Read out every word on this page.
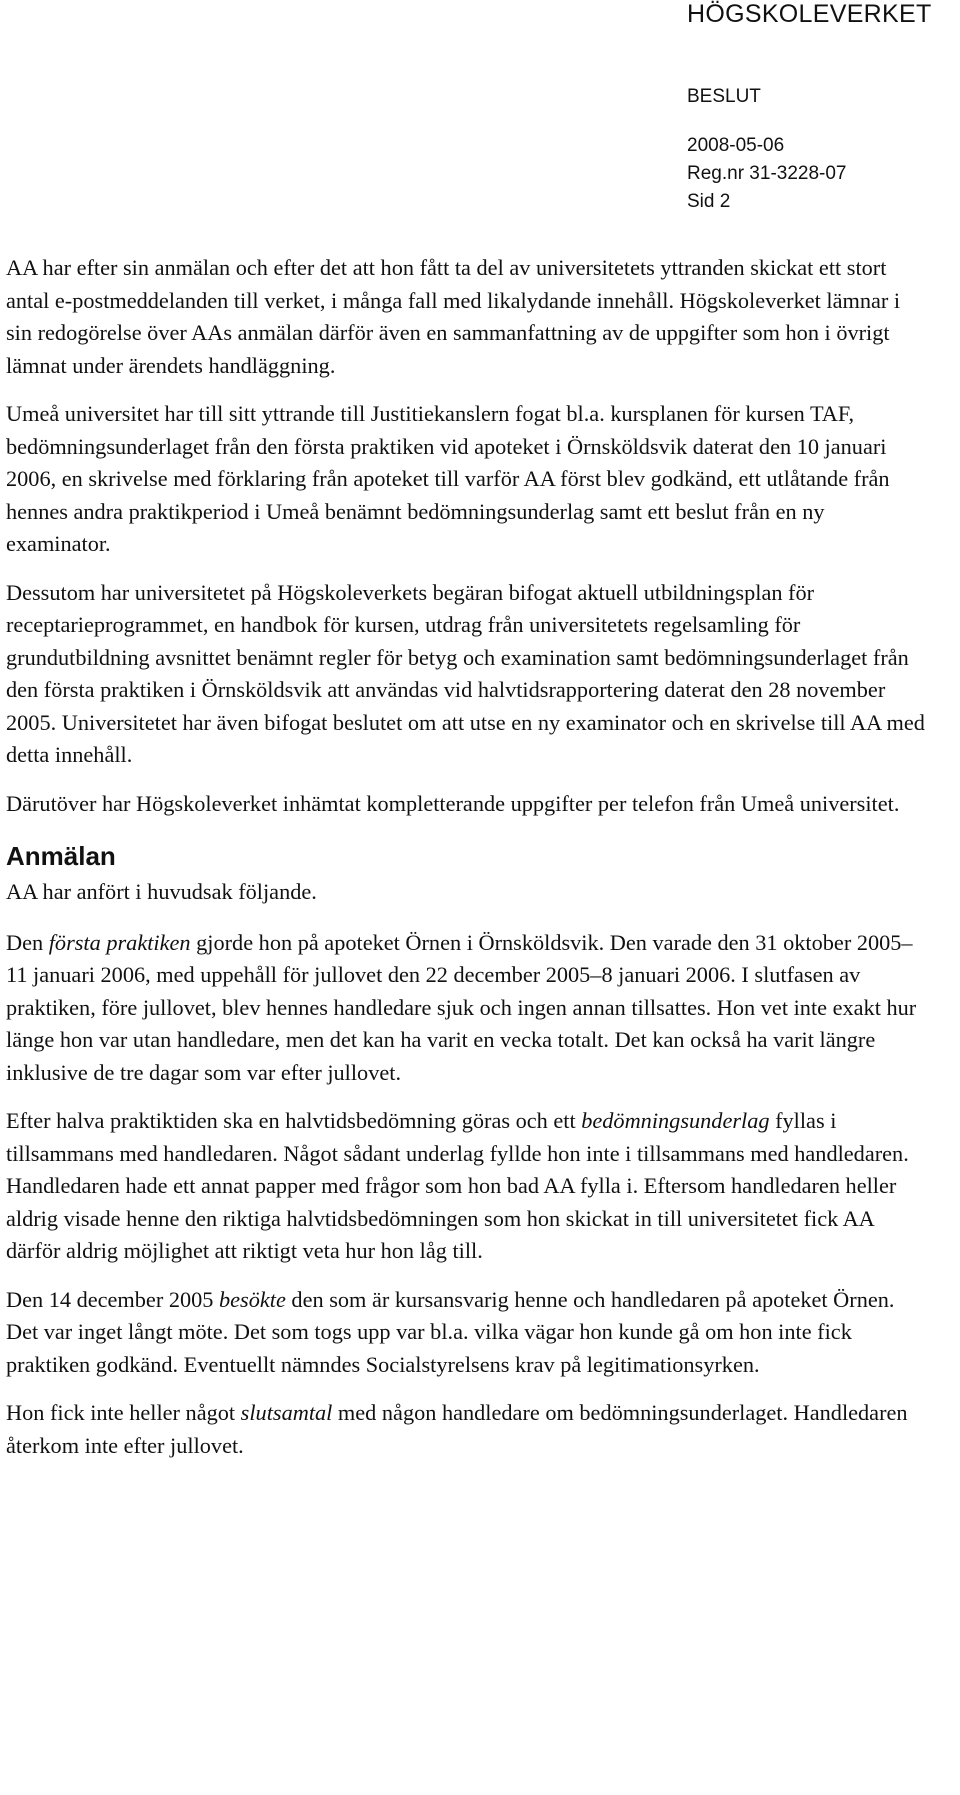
HÖGSKOLEVERKET
BESLUT
2008-05-06
Reg.nr 31-3228-07
Sid 2

AA har efter sin anmälan och efter det att hon fått ta del av universitetets yttranden skickat ett stort antal e-postmeddelanden till verket, i många fall med likalydande innehåll. Högskoleverket lämnar i sin redogörelse över AAs anmälan därför även en sammanfattning av de uppgifter som hon i övrigt lämnat under ärendets handläggning.

Umeå universitet har till sitt yttrande till Justitiekanslern fogat bl.a. kursplanen för kursen TAF, bedömningsunderlaget från den första praktiken vid apoteket i Örnsköldsvik daterat den 10 januari 2006, en skrivelse med förklaring från apoteket till varför AA först blev godkänd, ett utlåtande från hennes andra praktikperiod i Umeå benämnt bedömningsunderlag samt ett beslut från en ny examinator.

Dessutom har universitetet på Högskoleverkets begäran bifogat aktuell utbildningsplan för receptarieprogrammet, en handbok för kursen, utdrag från universitetets regelsamling för grundutbildning avsnittet benämnt regler för betyg och examination samt bedömningsunderlaget från den första praktiken i Örnsköldsvik att användas vid halvtidsrapportering daterat den 28 november 2005. Universitetet har även bifogat beslutet om att utse en ny examinator och en skrivelse till AA med detta innehåll.

Därutöver har Högskoleverket inhämtat kompletterande uppgifter per telefon från Umeå universitet.

Anmälan

AA har anfört i huvudsak följande.

Den första praktiken gjorde hon på apoteket Örnen i Örnsköldsvik. Den varade den 31 oktober 2005–11 januari 2006, med uppehåll för jullovet den 22 december 2005–8 januari 2006. I slutfasen av praktiken, före jullovet, blev hennes handledare sjuk och ingen annan tillsattes. Hon vet inte exakt hur länge hon var utan handledare, men det kan ha varit en vecka totalt. Det kan också ha varit längre inklusive de tre dagar som var efter jullovet.

Efter halva praktiktiden ska en halvtidsbedömning göras och ett bedömningsunderlag fyllas i tillsammans med handledaren. Något sådant underlag fyllde hon inte i tillsammans med handledaren. Handledaren hade ett annat papper med frågor som hon bad AA fylla i. Eftersom handledaren heller aldrig visade henne den riktiga halvtidsbedömningen som hon skickat in till universitetet fick AA därför aldrig möjlighet att riktigt veta hur hon låg till.

Den 14 december 2005 besökte den som är kursansvarig henne och handledaren på apoteket Örnen. Det var inget långt möte. Det som togs upp var bl.a. vilka vägar hon kunde gå om hon inte fick praktiken godkänd. Eventuellt nämndes Socialstyrelsens krav på legitimationsyrken.

Hon fick inte heller något slutsamtal med någon handledare om bedömningsunderlaget. Handledaren återkom inte efter jullovet.
